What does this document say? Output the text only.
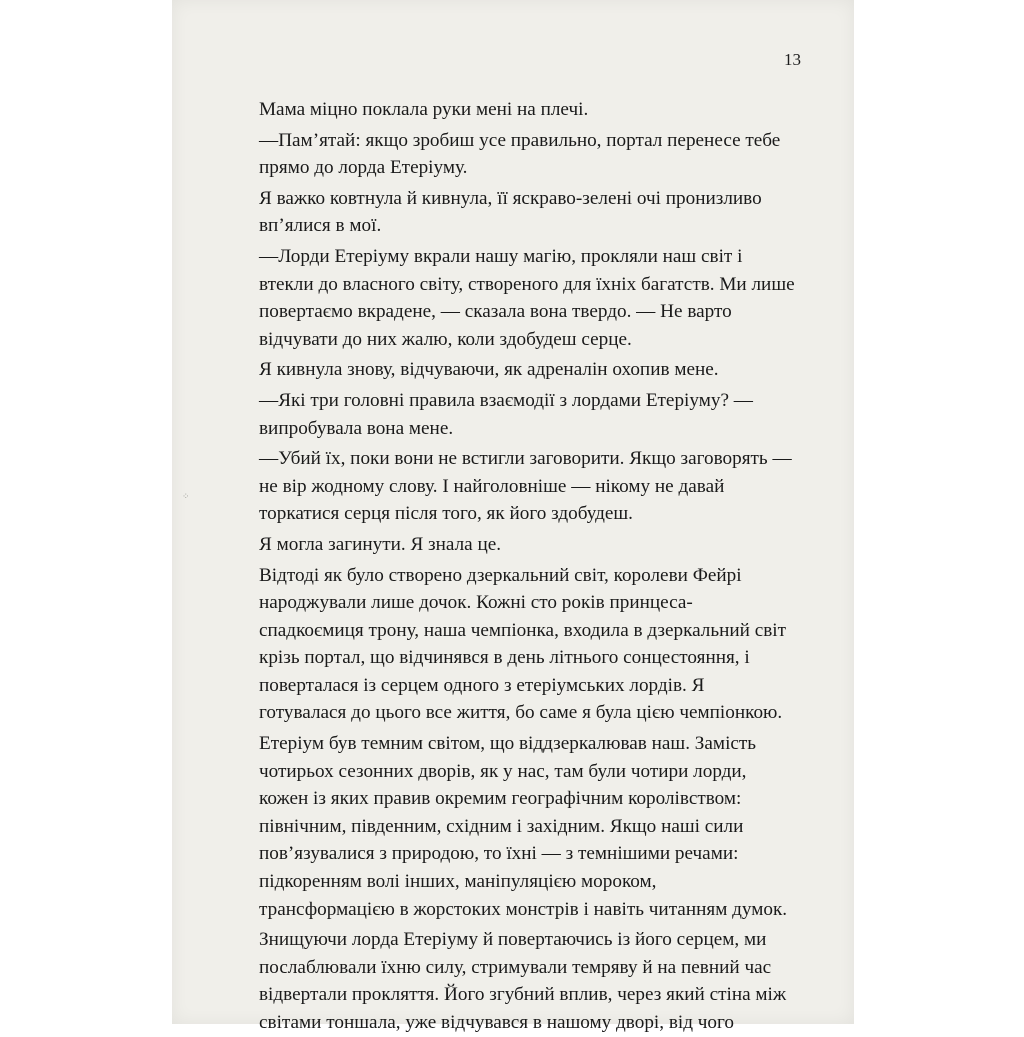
13

Мама міцно поклала руки мені на плечі.

—Пам’ятай: якщо зробиш усе правильно, портал перенесе тебе прямо до лорда Етеріуму.

Я важко ковтнула й кивнула, її яскраво-зелені очі пронизливо вп’ялися в мої.

—Лорди Етеріуму вкрали нашу магію, прокляли наш світ і втекли до власного світу, створеного для їхніх багатств. Ми лише повертаємо вкрадене, — сказала вона твердо. — Не варто відчувати до них жалю, коли здобудеш серце.

Я кивнула знову, відчуваючи, як адреналін охопив мене.

—Які три головні правила взаємодії з лордами Етеріуму? — випробувала вона мене.

—Убий їх, поки вони не встигли заговорити. Якщо заговорять — не вір жодному слову. І найголовніше — нікому не давай торкатися серця після того, як його здобудеш.

Я могла загинути. Я знала це.

Відтоді як було створено дзеркальний світ, королеви Фейрі народжували лише дочок. Кожні сто років принцеса-спадкоємиця трону, наша чемпіонка, входила в дзеркальний світ крізь портал, що відчинявся в день літнього сонцестояння, і поверталася із серцем одного з етеріумських лордів. Я готувалася до цього все життя, бо саме я була цією чемпіонкою.

Етеріум був темним світом, що віддзеркалював наш. Замість чотирьох сезонних дворів, як у нас, там були чотири лорди, кожен із яких правив окремим географічним королівством: північним, південним, східним і західним. Якщо наші сили пов’язувалися з природою, то їхні — з темнішими речами: підкоренням волі інших, маніпуляцією мороком, трансформацією в жорстоких монстрів і навіть читанням думок.

Знищуючи лорда Етеріуму й повертаючись із його серцем, ми послаблювали їхню силу, стримували темряву й на певний час відвертали прокляття. Його згубний вплив, через який стіна між світами тоншала, уже відчувався в нашому дворі, від чого

⁘
